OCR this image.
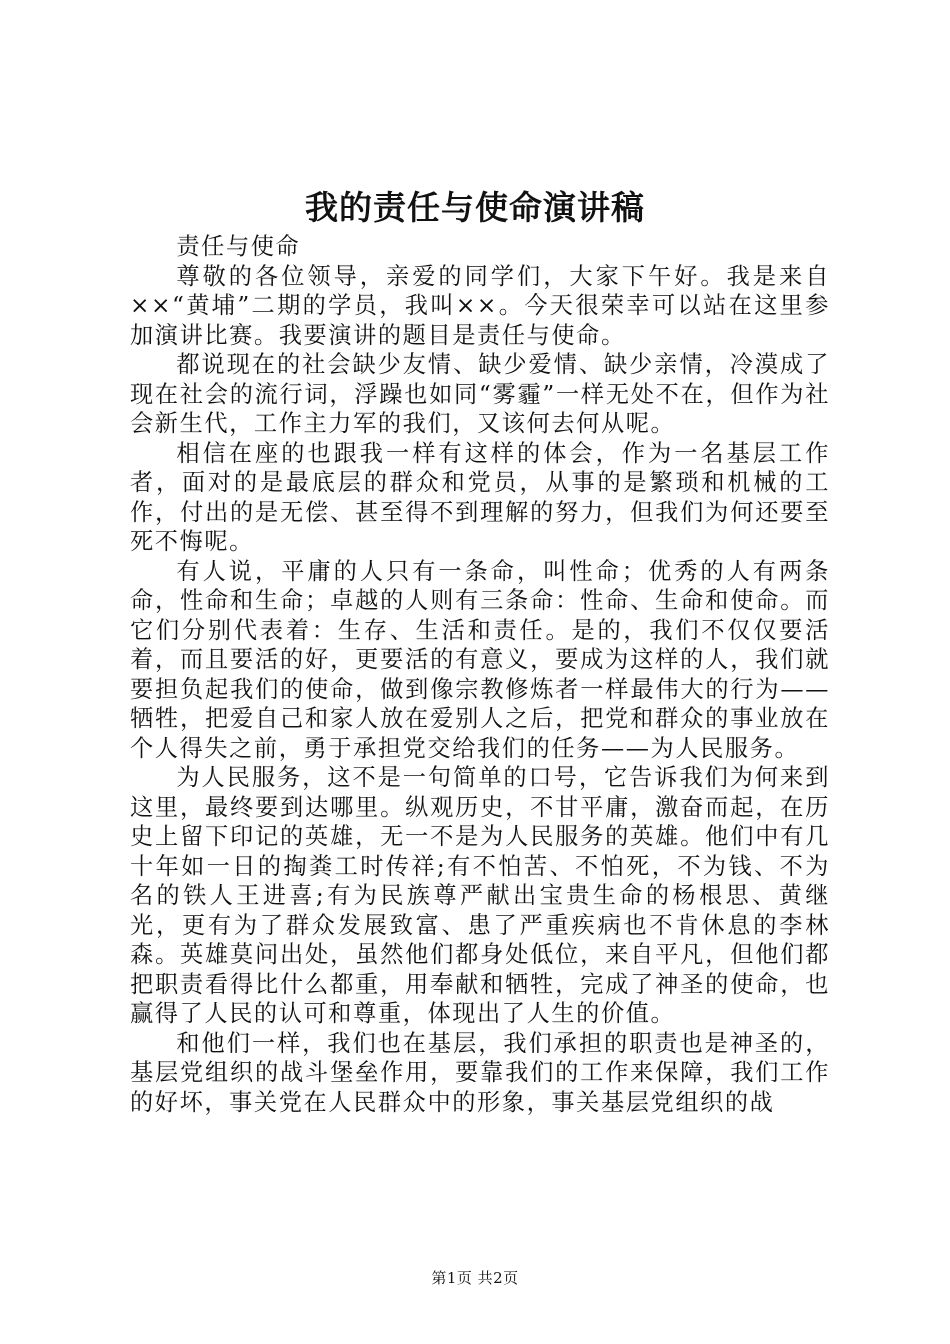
我的责任与使命演讲稿

责任与使命

尊敬的各位领导，亲爱的同学们，大家下午好。我是来自××“黄埔”二期的学员，我叫××。今天很荣幸可以站在这里参加演讲比赛。我要演讲的题目是责任与使命。

都说现在的社会缺少友情、缺少爱情、缺少亲情，冷漠成了现在社会的流行词，浮躁也如同“雾霾”一样无处不在，但作为社会新生代，工作主力军的我们，又该何去何从呢。

相信在座的也跟我一样有这样的体会，作为一名基层工作者，面对的是最底层的群众和党员，从事的是繁琐和机械的工作，付出的是无偿、甚至得不到理解的努力，但我们为何还要至死不悔呢。

有人说，平庸的人只有一条命，叫性命；优秀的人有两条命，性命和生命；卓越的人则有三条命：性命、生命和使命。而它们分别代表着：生存、生活和责任。是的，我们不仅仅要活着，而且要活的好，更要活的有意义，要成为这样的人，我们就要担负起我们的使命，做到像宗教修炼者一样最伟大的行为——牺牲，把爱自己和家人放在爱别人之后，把党和群众的事业放在个人得失之前，勇于承担党交给我们的任务——为人民服务。

为人民服务，这不是一句简单的口号，它告诉我们为何来到这里，最终要到达哪里。纵观历史，不甘平庸，激奋而起，在历史上留下印记的英雄，无一不是为人民服务的英雄。他们中有几十年如一日的掏粪工时传祥;有不怕苦、不怕死，不为钱、不为名的铁人王进喜;有为民族尊严献出宝贵生命的杨根思、黄继光，更有为了群众发展致富、患了严重疾病也不肯休息的李林森。英雄莫问出处，虽然他们都身处低位，来自平凡，但他们都把职责看得比什么都重，用奉献和牺牲，完成了神圣的使命，也赢得了人民的认可和尊重，体现出了人生的价值。

和他们一样，我们也在基层，我们承担的职责也是神圣的，基层党组织的战斗堡垒作用，要靠我们的工作来保障，我们工作的好坏，事关党在人民群众中的形象，事关基层党组织的战

第1页 共2页
